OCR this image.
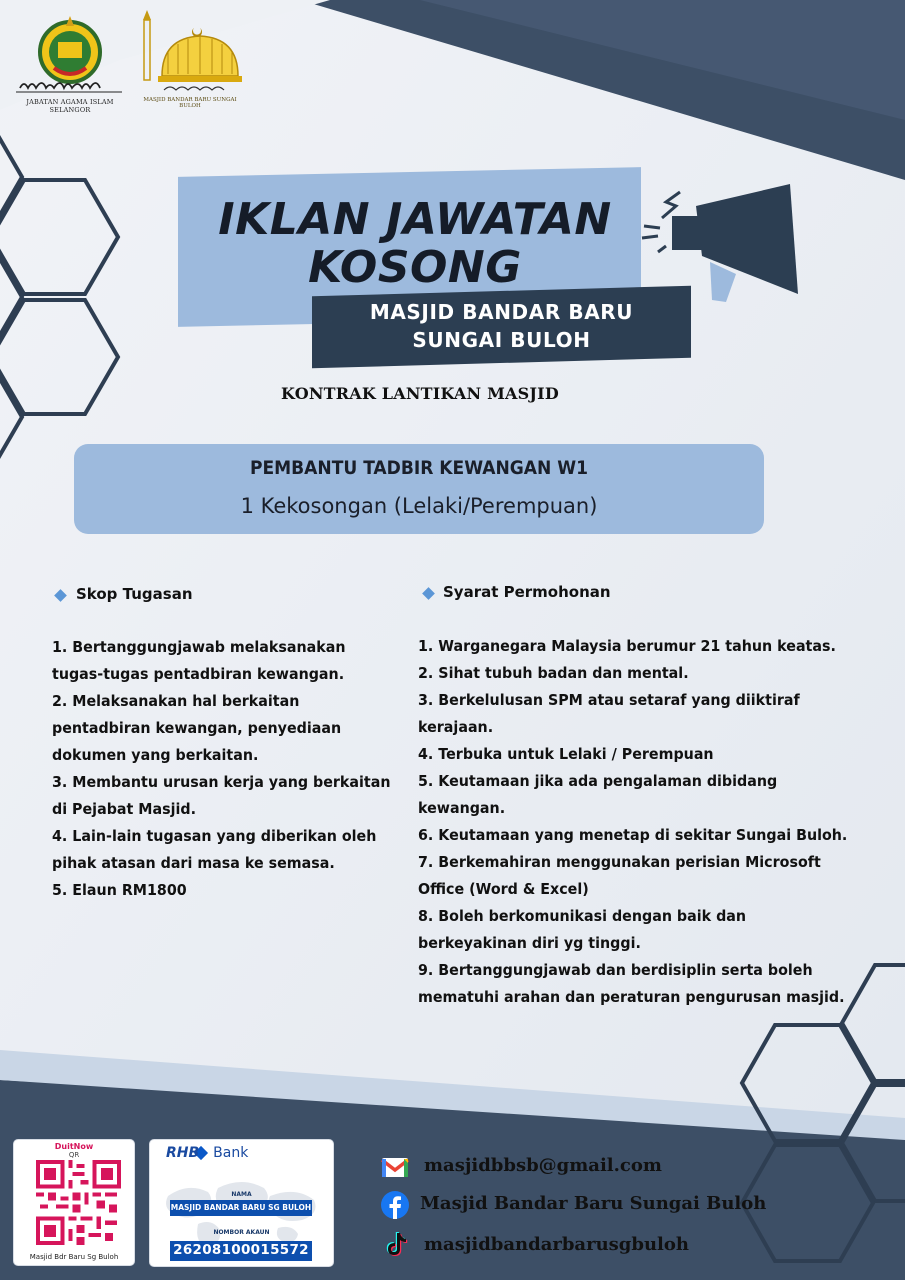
JABATAN AGAMA ISLAM SELANGOR
MASJID BANDAR BARU SUNGAI BULOH
IKLAN JAWATAN
KOSONG
MASJID BANDAR BARU
SUNGAI BULOH
KONTRAK LANTIKAN MASJID
PEMBANTU TADBIR KEWANGAN W1
1 Kekosongan (Lelaki/Perempuan)
Skop Tugasan
1. Bertanggungjawab melaksanakan
tugas-tugas pentadbiran kewangan.
2. Melaksanakan hal berkaitan
pentadbiran kewangan, penyediaan
dokumen yang berkaitan.
3. Membantu urusan kerja yang berkaitan
di Pejabat Masjid.
4. Lain-lain tugasan yang diberikan oleh
pihak atasan dari masa ke semasa.
5. Elaun RM1800
Syarat Permohonan
1. Warganegara Malaysia berumur 21 tahun keatas.
2. Sihat tubuh badan dan mental.
3. Berkelulusan SPM atau setaraf yang diiktiraf
kerajaan.
4. Terbuka untuk Lelaki / Perempuan
5. Keutamaan jika ada pengalaman dibidang
kewangan.
6. Keutamaan yang menetap di sekitar Sungai Buloh.
7. Berkemahiran menggunakan perisian Microsoft
Office (Word & Excel)
8. Boleh berkomunikasi dengan baik dan
berkeyakinan diri yg tinggi.
9. Bertanggungjawab dan berdisiplin serta boleh
mematuhi arahan dan peraturan pengurusan masjid.
DuitNow
QR
Masjid Bdr Baru Sg Buloh
RHB Bank
NAMA
MASJID BANDAR BARU SG BULOH
NOMBOR AKAUN
26208100015572
masjidbbsb@gmail.com
Masjid Bandar Baru Sungai Buloh
masjidbandarbarusgbuloh
